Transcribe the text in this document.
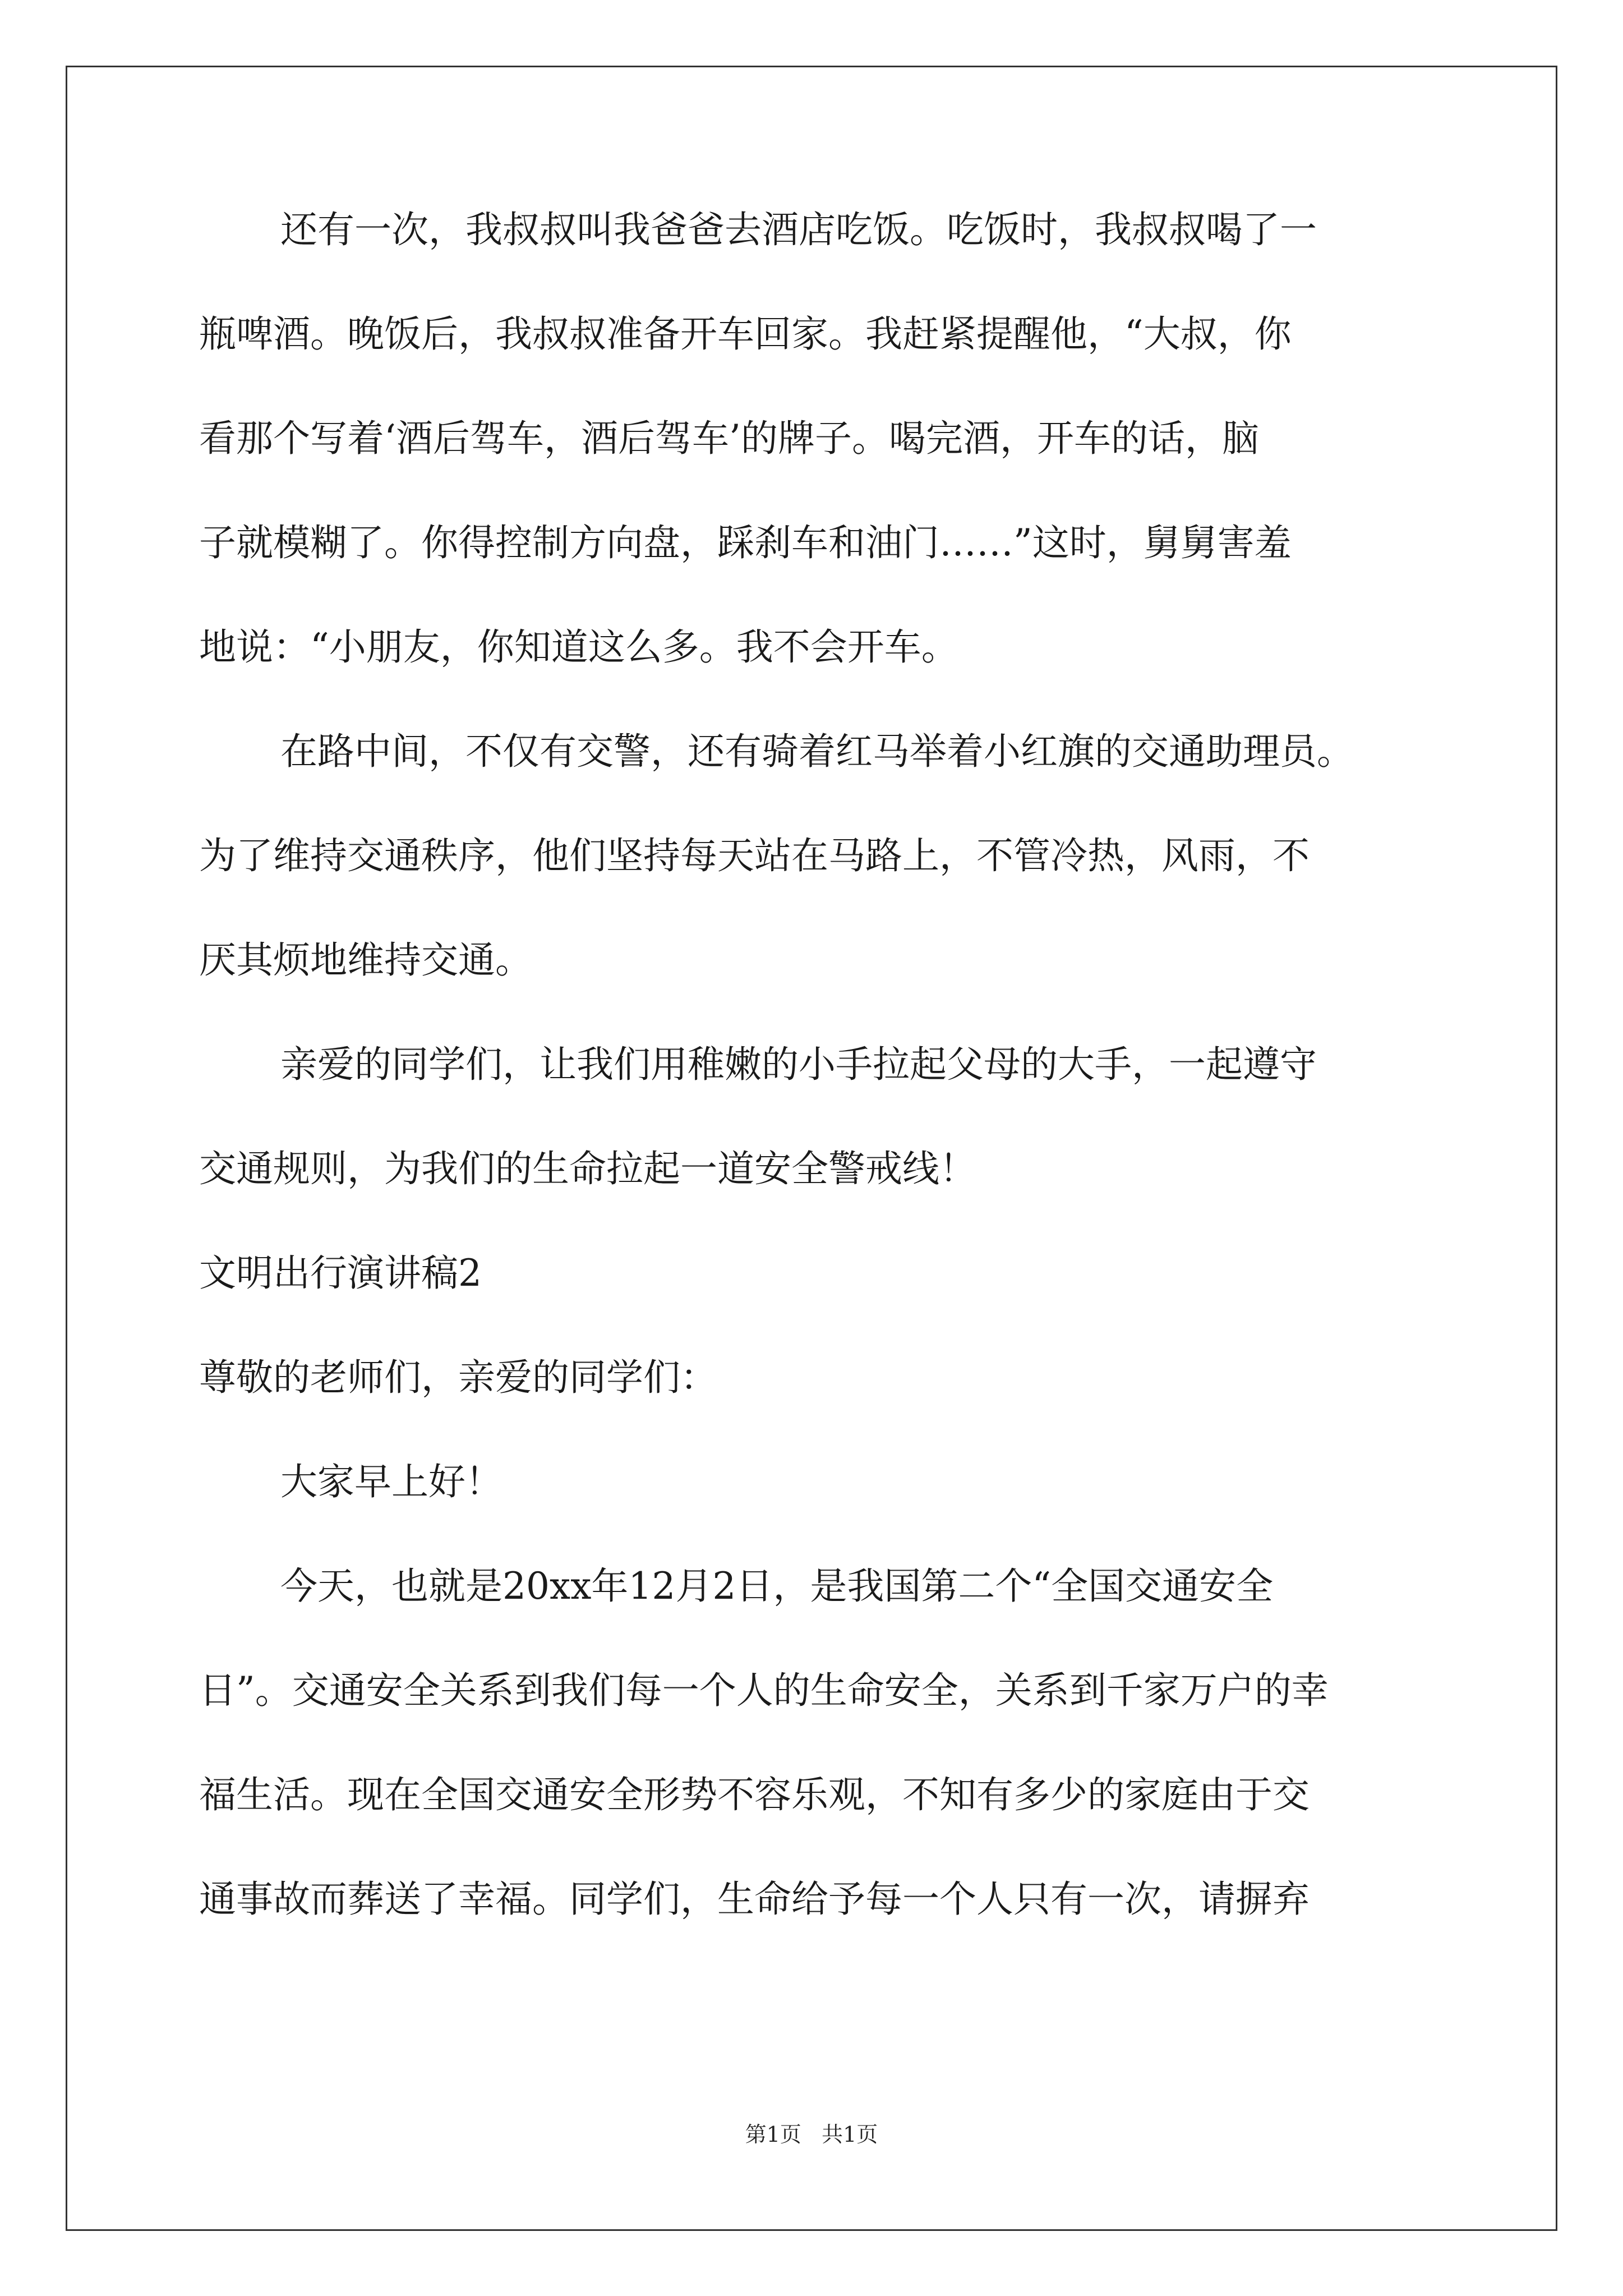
还有一次，我叔叔叫我爸爸去酒店吃饭。吃饭时，我叔叔喝了一
瓶啤酒。晚饭后，我叔叔准备开车回家。我赶紧提醒他，“大叔，你
看那个写着‘酒后驾车，酒后驾车’的牌子。喝完酒，开车的话，脑
子就模糊了。你得控制方向盘，踩刹车和油门……”这时，舅舅害羞
地说：“小朋友，你知道这么多。我不会开车。
在路中间，不仅有交警，还有骑着红马举着小红旗的交通助理员。
为了维持交通秩序，他们坚持每天站在马路上，不管冷热，风雨，不
厌其烦地维持交通。
亲爱的同学们，让我们用稚嫩的小手拉起父母的大手，一起遵守
交通规则，为我们的生命拉起一道安全警戒线！
文明出行演讲稿2
尊敬的老师们，亲爱的同学们：
大家早上好！
今天，也就是20xx年12月2日，是我国第二个“全国交通安全
日”。交通安全关系到我们每一个人的生命安全，关系到千家万户的幸
福生活。现在全国交通安全形势不容乐观，不知有多少的家庭由于交
通事故而葬送了幸福。同学们，生命给予每一个人只有一次，请摒弃
第1页   共1页
